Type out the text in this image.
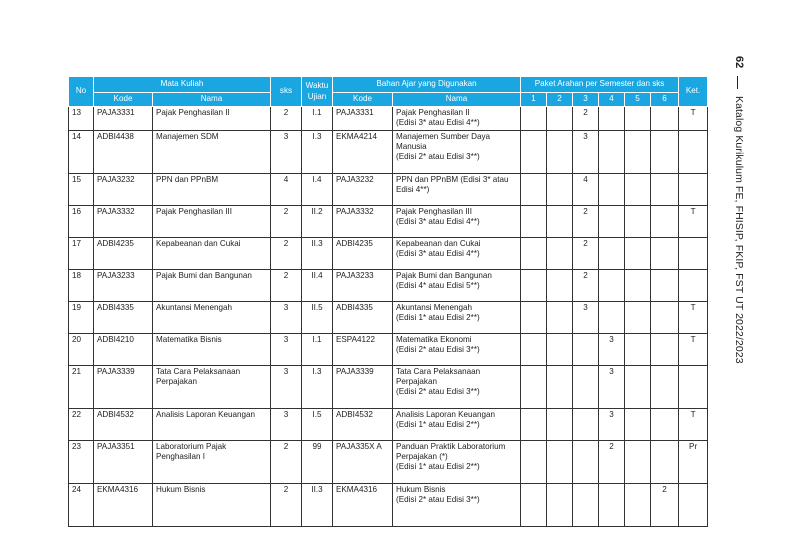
62
Katalog Kurikulum FE, FHISIP, FKIP, FST UT 2022/2023
No	Mata Kuliah		sks	Waktu Ujian	Bahan Ajar yang Digunakan		Paket Arahan per Semester dan sks						Ket.
	Kode	Nama			Kode	Nama	1	2	3	4	5	6	
13	PAJA3331	Pajak Penghasilan II	2	I.1	PAJA3331	Pajak Penghasilan II
(Edisi 3* atau Edisi 4**)			2				T
14	ADBI4438	Manajemen SDM	3	I.3	EKMA4214	Manajemen Sumber Daya Manusia
(Edisi 2* atau Edisi 3**)			3				
15	PAJA3232	PPN dan PPnBM	4	I.4	PAJA3232	PPN dan PPnBM (Edisi 3* atau Edisi 4**)			4				
16	PAJA3332	Pajak Penghasilan III	2	II.2	PAJA3332	Pajak Penghasilan III
(Edisi 3* atau Edisi 4**)			2				T
17	ADBI4235	Kepabeanan dan Cukai	2	II.3	ADBI4235	Kepabeanan dan Cukai
(Edisi 3* atau Edisi 4**)			2				
18	PAJA3233	Pajak Bumi dan Bangunan	2	II.4	PAJA3233	Pajak Bumi dan Bangunan
(Edisi 4* atau Edisi 5**)			2				
19	ADBI4335	Akuntansi Menengah	3	II.5	ADBI4335	Akuntansi Menengah
(Edisi 1* atau Edisi 2**)			3				T
20	ADBI4210	Matematika Bisnis	3	I.1	ESPA4122	Matematika Ekonomi
(Edisi 2* atau Edisi 3**)				3			T
21	PAJA3339	Tata Cara Pelaksanaan Perpajakan	3	I.3	PAJA3339	Tata Cara Pelaksanaan Perpajakan
(Edisi 2* atau Edisi 3**)				3			
22	ADBI4532	Analisis Laporan Keuangan	3	I.5	ADBI4532	Analisis Laporan Keuangan
(Edisi 1* atau Edisi 2**)				3			T
23	PAJA3351	Laboratorium Pajak Penghasilan I	2	99	PAJA335X A	Panduan Praktik Laboratorium Perpajakan (*)
(Edisi 1* atau Edisi 2**)				2			Pr
24	EKMA4316	Hukum Bisnis	2	II.3	EKMA4316	Hukum Bisnis
(Edisi 2* atau Edisi 3**)						2	
